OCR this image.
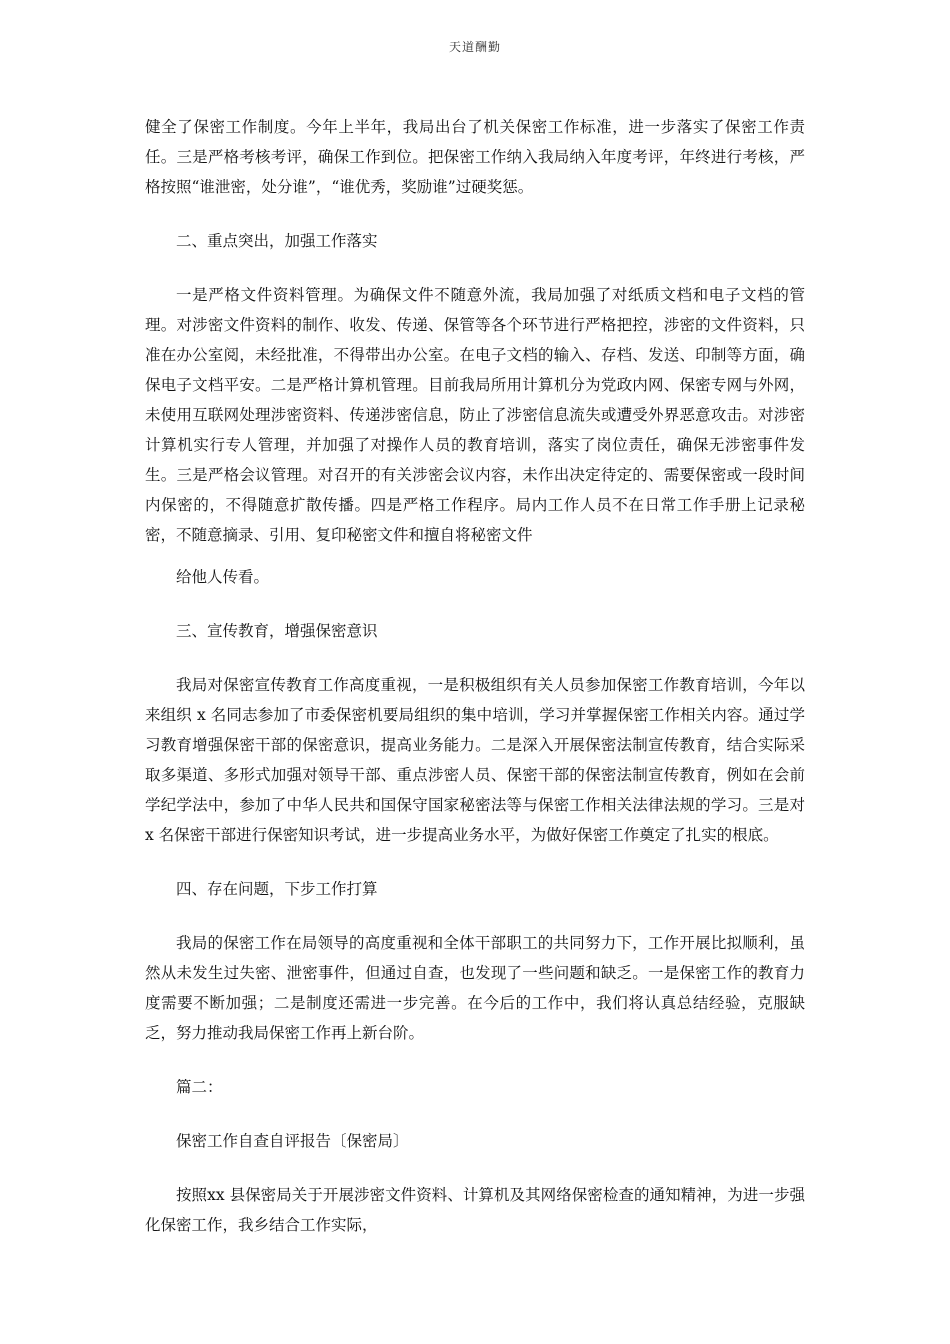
天道酬勤

健全了保密工作制度。今年上半年，我局出台了机关保密工作标准，进一步落实了保密工作责任。三是严格考核考评，确保工作到位。把保密工作纳入我局纳入年度考评，年终进行考核，严格按照“谁泄密，处分谁”，“谁优秀，奖励谁”过硬奖惩。

二、重点突出，加强工作落实

一是严格文件资料管理。为确保文件不随意外流，我局加强了对纸质文档和电子文档的管理。对涉密文件资料的制作、收发、传递、保管等各个环节进行严格把控，涉密的文件资料，只准在办公室阅，未经批准，不得带出办公室。在电子文档的输入、存档、发送、印制等方面，确保电子文档平安。二是严格计算机管理。目前我局所用计算机分为党政内网、保密专网与外网，未使用互联网处理涉密资料、传递涉密信息，防止了涉密信息流失或遭受外界恶意攻击。对涉密计算机实行专人管理，并加强了对操作人员的教育培训，落实了岗位责任，确保无涉密事件发生。三是严格会议管理。对召开的有关涉密会议内容，未作出决定待定的、需要保密或一段时间内保密的，不得随意扩散传播。四是严格工作程序。局内工作人员不在日常工作手册上记录秘密，不随意摘录、引用、复印秘密文件和擅自将秘密文件

给他人传看。

三、宣传教育，增强保密意识

我局对保密宣传教育工作高度重视，一是积极组织有关人员参加保密工作教育培训，今年以来组织 x 名同志参加了市委保密机要局组织的集中培训，学习并掌握保密工作相关内容。通过学习教育增强保密干部的保密意识，提高业务能力。二是深入开展保密法制宣传教育，结合实际采取多渠道、多形式加强对领导干部、重点涉密人员、保密干部的保密法制宣传教育，例如在会前学纪学法中，参加了中华人民共和国保守国家秘密法等与保密工作相关法律法规的学习。三是对 x 名保密干部进行保密知识考试，进一步提高业务水平，为做好保密工作奠定了扎实的根底。

四、存在问题，下步工作打算

我局的保密工作在局领导的高度重视和全体干部职工的共同努力下，工作开展比拟顺利，虽然从未发生过失密、泄密事件，但通过自查，也发现了一些问题和缺乏。一是保密工作的教育力度需要不断加强；二是制度还需进一步完善。在今后的工作中，我们将认真总结经验，克服缺乏，努力推动我局保密工作再上新台阶。

篇二：

保密工作自查自评报告〔保密局〕

按照xx 县保密局关于开展涉密文件资料、计算机及其网络保密检查的通知精神，为进一步强化保密工作，我乡结合工作实际，
